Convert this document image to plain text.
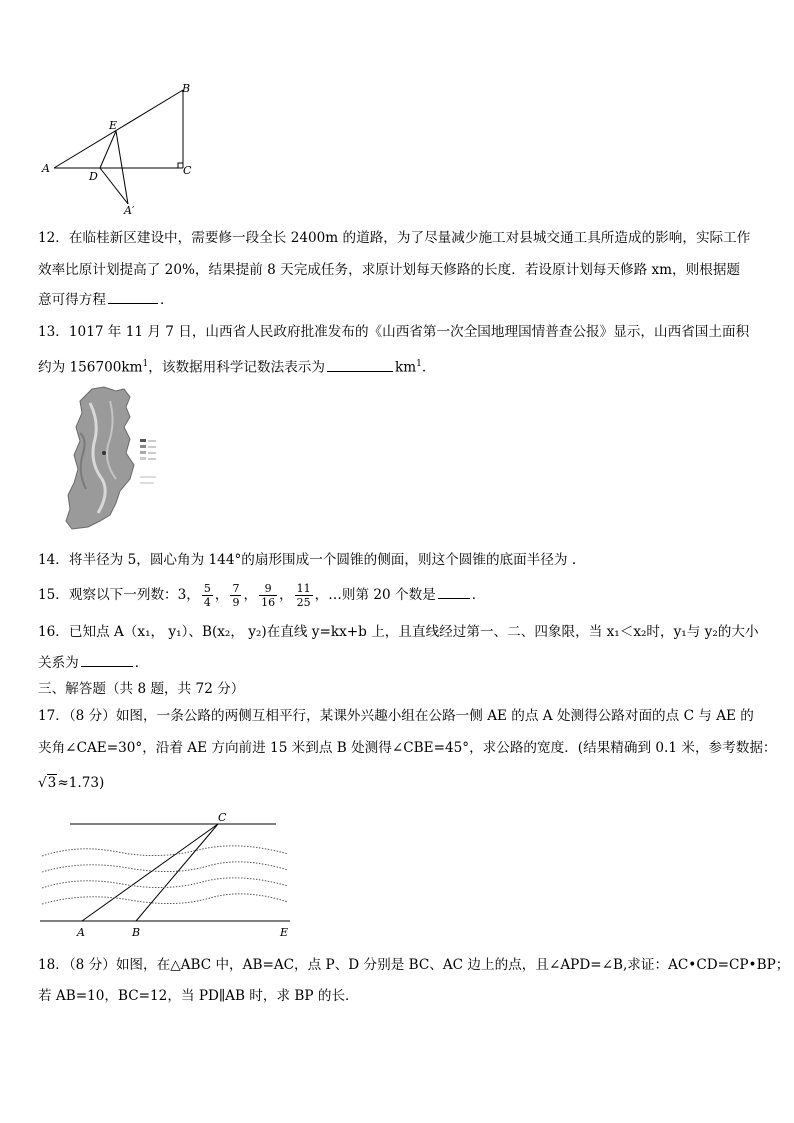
A
B
C
D
E
A′
12．在临桂新区建设中，需要修一段全长 2400m 的道路，为了尽量减少施工对县城交通工具所造成的影响，实际工作
效率比原计划提高了 20%，结果提前 8 天完成任务，求原计划每天修路的长度．若设原计划每天修路 xm，则根据题
意可得方程	．
13．1017 年 11 月 7 日，山西省人民政府批准发布的《山西省第一次全国地理国情普查公报》显示，山西省国土面积
约为 $156700km^1$，该数据用科学记数法表示为	$km^1$.
14．将半径为 5，圆心角为 144°的扇形围成一个圆锥的侧面，则这个圆锥的底面半径为 .
15．观察以下一列数：3， $\frac{5}{4}$ ， $\frac{7}{9}$ ， $\frac{9}{16}$ ， $\frac{11}{25}$ ，…则第 20 个数是	．
16．已知点 A（x₁， y₁）、B(x₂， y₂)在直线 y=kx+b 上，且直线经过第一、二、四象限，当 x₁＜x₂时，y₁与 y₂的大小
关系为	．
三、解答题（共 8 题，共 72 分）
17．（8 分）如图，一条公路的两侧互相平行，某课外兴趣小组在公路一侧 AE 的点 A 处测得公路对面的点 C 与 AE 的
夹角∠CAE=30°，沿着 AE 方向前进 15 米到点 B 处测得∠CBE=45°，求公路的宽度．(结果精确到 0.1 米，参考数据：
√3≈1.73)
C
A	B	E
18．（8 分）如图，在△ABC 中，AB=AC，点 P、D 分别是 BC、AC 边上的点，且∠APD=∠B,求证：AC•CD=CP•BP；
若 AB=10，BC=12，当 PD∥AB 时，求 BP 的长．
